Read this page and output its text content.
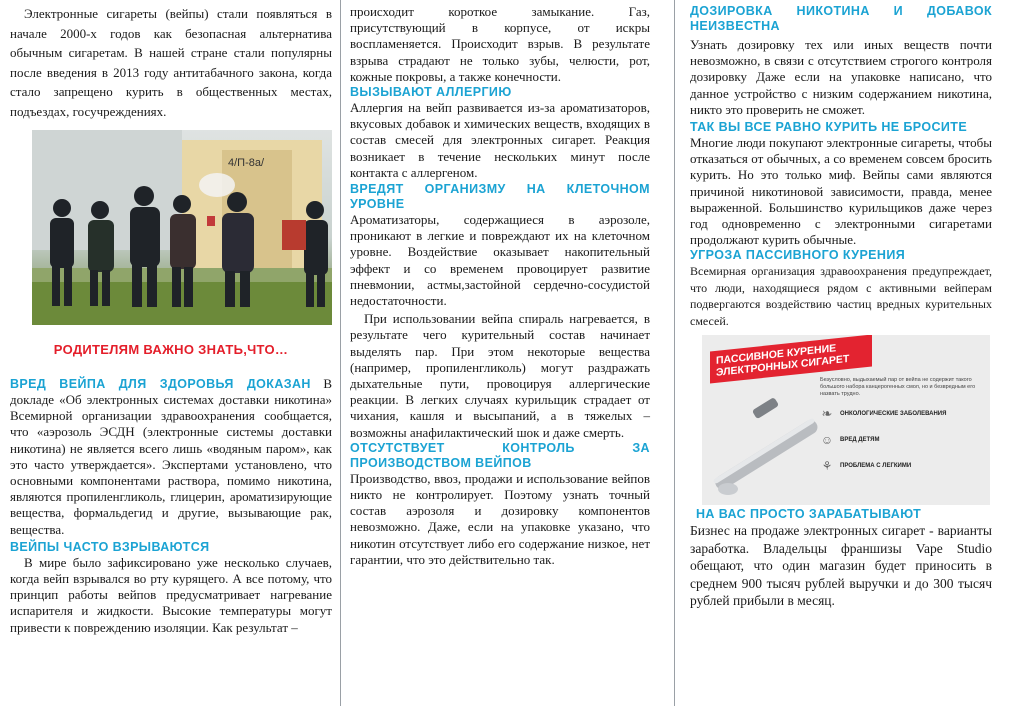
Электронные сигареты (вейпы) стали появляться в начале 2000-х годов как безопасная альтернатива обычным сигаретам. В нашей стране стали популярны после введения в 2013 году антитабачного закона, когда стало запрещено курить в общественных местах, подъездах, госучреждениях.

4/П-8а/

РОДИТЕЛЯМ ВАЖНО ЗНАТЬ,ЧТО…

ВРЕД ВЕЙПА ДЛЯ ЗДОРОВЬЯ ДОКАЗАН В докладе «Об электронных системах доставки никотина» Всемирной организации здравоохранения сообщается, что «аэрозоль ЭСДН (электронные системы доставки никотина) не является всего лишь «водяным паром», как это часто утверждается». Экспертами установлено, что основными компонентами раствора, помимо никотина, являются пропиленгликоль, глицерин, ароматизирующие вещества, формальдегид и другие, вызывающие рак, вещества.

ВЕЙПЫ ЧАСТО ВЗРЫВАЮТСЯ

В мире было зафиксировано уже несколько случаев, когда вейп взрывался во рту курящего. А все потому, что принцип работы вейпов предусматривает нагревание испарителя и жидкости. Высокие температуры могут привести к повреждению изоляции. Как результат –

происходит короткое замыкание. Газ, присутствующий в корпусе, от искры воспламеняется. Происходит взрыв. В результате взрыва страдают не только зубы, челюсти, рот, кожные покровы, а также конечности.

ВЫЗЫВАЮТ АЛЛЕРГИЮ

Аллергия на вейп развивается из-за ароматизаторов, вкусовых добавок и химических веществ, входящих в состав смесей для электронных сигарет. Реакция возникает в течение нескольких минут после контакта с аллергеном.

ВРЕДЯТ ОРГАНИЗМУ НА КЛЕТОЧНОМ УРОВНЕ

Ароматизаторы, содержащиеся в аэрозоле, проникают в легкие и повреждают их на клеточном уровне. Воздействие оказывает накопительный эффект и со временем провоцирует развитие пневмонии, астмы,застойной сердечно-сосудистой недостаточности.

При использовании вейпа спираль нагревается, в результате чего курительный состав начинает выделять пар. При этом некоторые вещества (например, пропиленгликоль) могут раздражать дыхательные пути, провоцируя аллергические реакции. В легких случаях курильщик страдает от чихания, кашля и высыпаний, а в тяжелых –возможны анафилактический шок и даже смерть.

ОТСУТСТВУЕТ КОНТРОЛЬ ЗА ПРОИЗВОДСТВОМ ВЕЙПОВ

Производство, ввоз, продажи и использование вейпов никто не контролирует. Поэтому узнать точный состав аэрозоля и дозировку компонентов невозможно. Даже, если на упаковке указано, что никотин отсутствует либо его содержание низкое, нет гарантии, что это действительно так.

ДОЗИРОВКА НИКОТИНА И ДОБАВОК НЕИЗВЕСТНА

Узнать дозировку тех или иных веществ почти невозможно, в связи с отсутствием строгого контроля дозировку Даже если на упаковке написано, что данное устройство с низким содержанием никотина, никто это проверить не сможет.

ТАК ВЫ ВСЕ РАВНО КУРИТЬ НЕ БРОСИТЕ

Многие люди покупают электронные сигареты, чтобы отказаться от обычных, а со временем совсем бросить курить. Но это только миф. Вейпы сами являются причиной никотиновой зависимости, правда, менее выраженной. Большинство курильщиков даже через год одновременно с электронными сигаретами продолжают курить обычные.

УГРОЗА ПАССИВНОГО КУРЕНИЯ

Всемирная организация здравоохранения предупреждает, что люди, находящиеся рядом с активными вейперам подвергаются воздействию частиц вредных курительных смесей.

ПАССИВНОЕ КУРЕНИЕ ЭЛЕКТРОННЫХ СИГАРЕТ
Безусловно, выдыхаемый пар от вейпа не содержит такого большого набора канцерогенных смол, но и безвредным его назвать трудно.
❧ ОНКОЛОГИЧЕСКИЕ ЗАБОЛЕВАНИЯ
☺ ВРЕД ДЕТЯМ
⚘ ПРОБЛЕМА С ЛЕГКИМИ

НА ВАС ПРОСТО ЗАРАБАТЫВАЮТ

Бизнес на продаже электронных сигарет - варианты заработка. Владельцы франшизы Vape Studio обещают, что один магазин будет приносить в среднем 900 тысяч рублей выручки и до 300 тысяч рублей прибыли в месяц.
